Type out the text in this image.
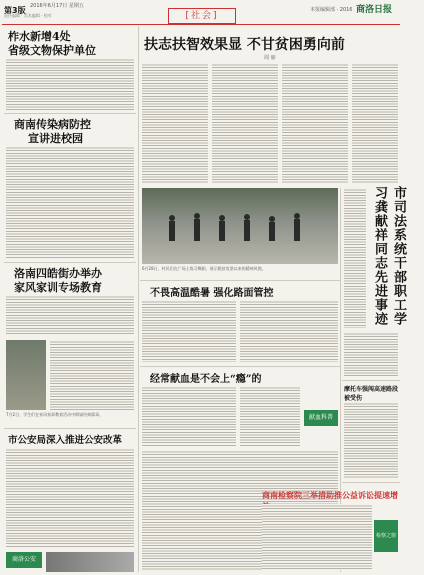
第3版 2016年6月17日 星期五
责任编辑 · 美术编辑 · 校对	[社会]
本报编辑部 · 2016 商洛日报
柞水新增4处
省级文物保护单位
商南传染病防控
宣讲进校园
洛南四皓街办举办
家风家训专场教育
7月2日，学生们在家风家训教育活动中朗诵经典篇章。
市公安局深入推进公安改革
商洛公安
扶志扶智效果显 不甘贫困勇向前
周 丽
6月28日，村民们在广场上练习舞蹈，展示脱贫攻坚以来的精神风貌。
不畏高温酷暑 强化路面管控
经常献血是不会上“瘾”的
献血科普
市司法系统干部职工学习龚献祥同志先进事迹
摩托车强闯高速路段被受伤
商南检察院三举措助推公益诉讼提速增
检察之窗
